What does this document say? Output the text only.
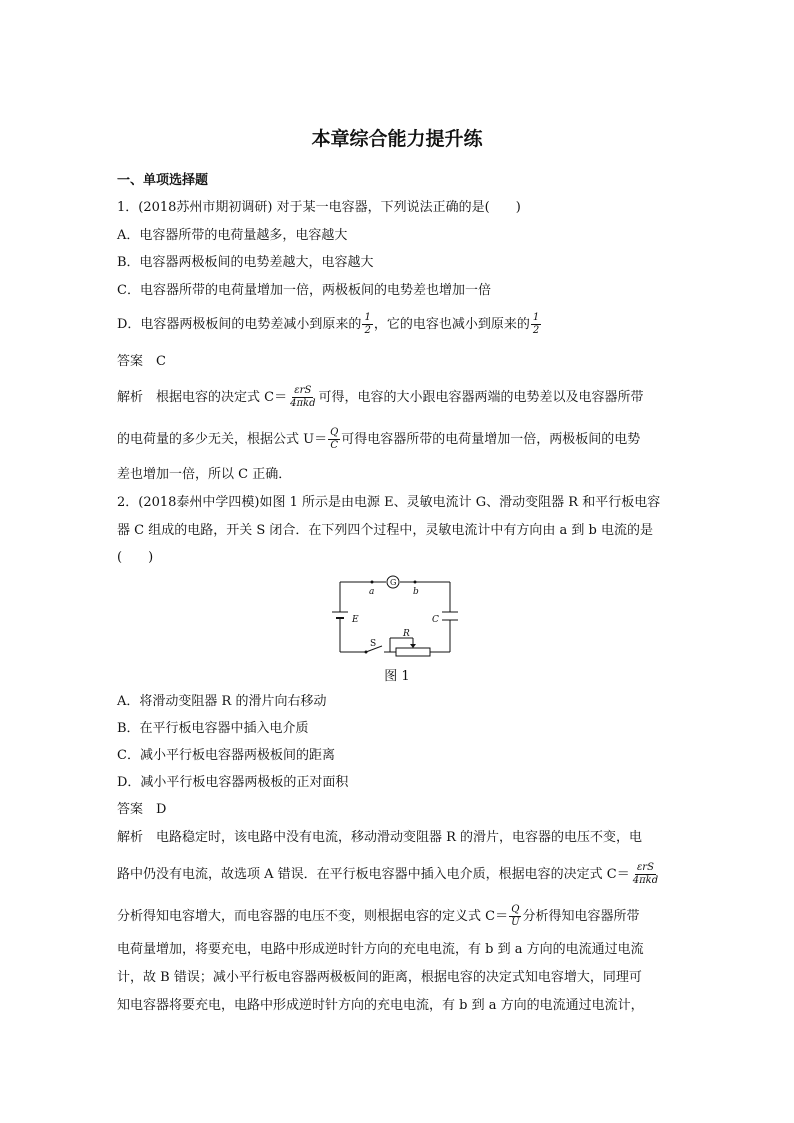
本章综合能力提升练
一、单项选择题
1．(2018苏州市期初调研) 对于某一电容器，下列说法正确的是(　　)
A．电容器所带的电荷量越多，电容越大
B．电容器两极板间的电势差越大，电容越大
C．电容器所带的电荷量增加一倍，两极板间的电势差也增加一倍
D．电容器两极板间的电势差减小到原来的 $\frac{1}{2}$ ，它的电容也减小到原来的 $\frac{1}{2}$
答案　C
解析　根据电容的决定式 $C= \frac{\text{εrS}}{\text{4πkd}}$ 可得，电容的大小跟电容器两端的电势差以及电容器所带
的电荷量的多少无关，根据公式 $U= \frac{Q}{C}$ 可得电容器所带的电荷量增加一倍，两极板间的电势
差也增加一倍，所以 C 正确．
2．(2018泰州中学四模)如图 1 所示是由电源 E、灵敏电流计 G、滑动变阻器 R 和平行板电容
器 C 组成的电路，开关 S 闭合．在下列四个过程中，灵敏电流计中有方向由 a 到 b 电流的是
(　　)
a	b
G
E	C
S
R
图 1
A．将滑动变阻器 R 的滑片向右移动
B．在平行板电容器中插入电介质
C．减小平行板电容器两极板间的距离
D．减小平行板电容器两极板的正对面积
答案　D
解析　电路稳定时，该电路中没有电流，移动滑动变阻器 R 的滑片，电容器的电压不变，电
路中仍没有电流，故选项 A 错误．在平行板电容器中插入电介质，根据电容的决定式 $C= \frac{\text{εrS}}{\text{4πkd}}$
分析得知电容增大，而电容器的电压不变，则根据电容的定义式 $C= \frac{Q}{U}$ 分析得知电容器所带
电荷量增加，将要充电，电路中形成逆时针方向的充电电流，有 b 到 a 方向的电流通过电流
计，故 B 错误；减小平行板电容器两极板间的距离，根据电容的决定式知电容增大，同理可
知电容器将要充电，电路中形成逆时针方向的充电电流，有 b 到 a 方向的电流通过电流计，
